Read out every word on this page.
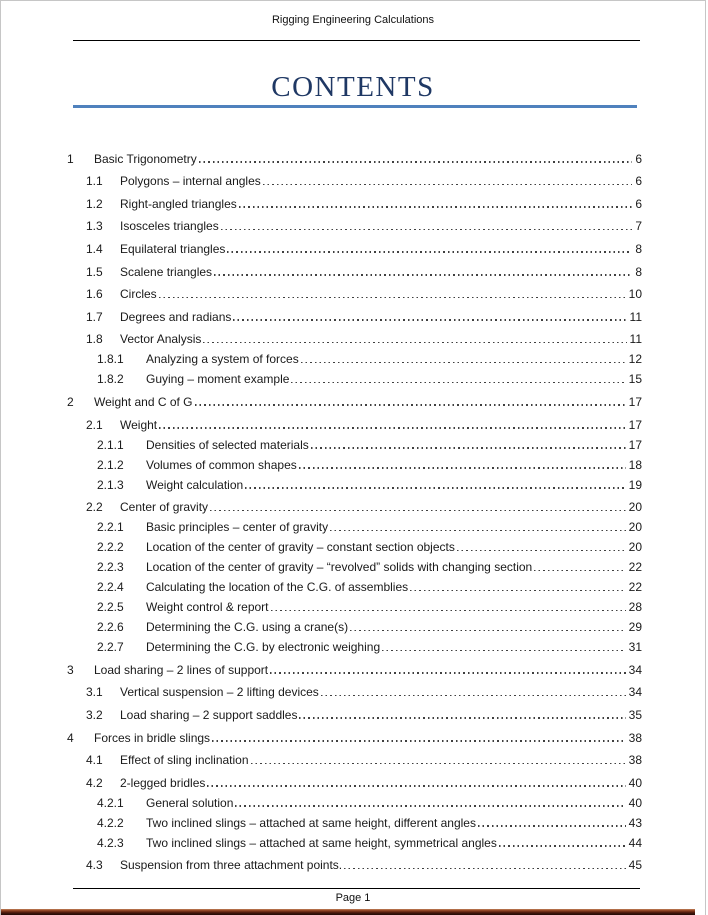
Rigging Engineering Calculations
CONTENTS
1	Basic Trigonometry	6
1.1	Polygons – internal angles	6
1.2	Right-angled triangles	6
1.3	Isosceles triangles	7
1.4	Equilateral triangles	8
1.5	Scalene triangles	8
1.6	Circles	10
1.7	Degrees and radians	11
1.8	Vector Analysis	11
1.8.1	Analyzing a system of forces	12
1.8.2	Guying – moment example	15
2	Weight and C of G	17
2.1	Weight	17
2.1.1	Densities of selected materials	17
2.1.2	Volumes of common shapes	18
2.1.3	Weight calculation	19
2.2	Center of gravity	20
2.2.1	Basic principles – center of gravity	20
2.2.2	Location of the center of gravity – constant section objects	20
2.2.3	Location of the center of gravity – “revolved” solids with changing section	22
2.2.4	Calculating the location of the C.G. of assemblies	22
2.2.5	Weight control & report	28
2.2.6	Determining the C.G. using a crane(s)	29
2.2.7	Determining the C.G. by electronic weighing	31
3	Load sharing – 2 lines of support	34
3.1	Vertical suspension – 2 lifting devices	34
3.2	Load sharing – 2 support saddles	35
4	Forces in bridle slings	38
4.1	Effect of sling inclination	38
4.2	2-legged bridles	40
4.2.1	General solution	40
4.2.2	Two inclined slings – attached at same height, different angles	43
4.2.3	Two inclined slings – attached at same height, symmetrical angles	44
4.3	Suspension from three attachment points.	45
Page 1
